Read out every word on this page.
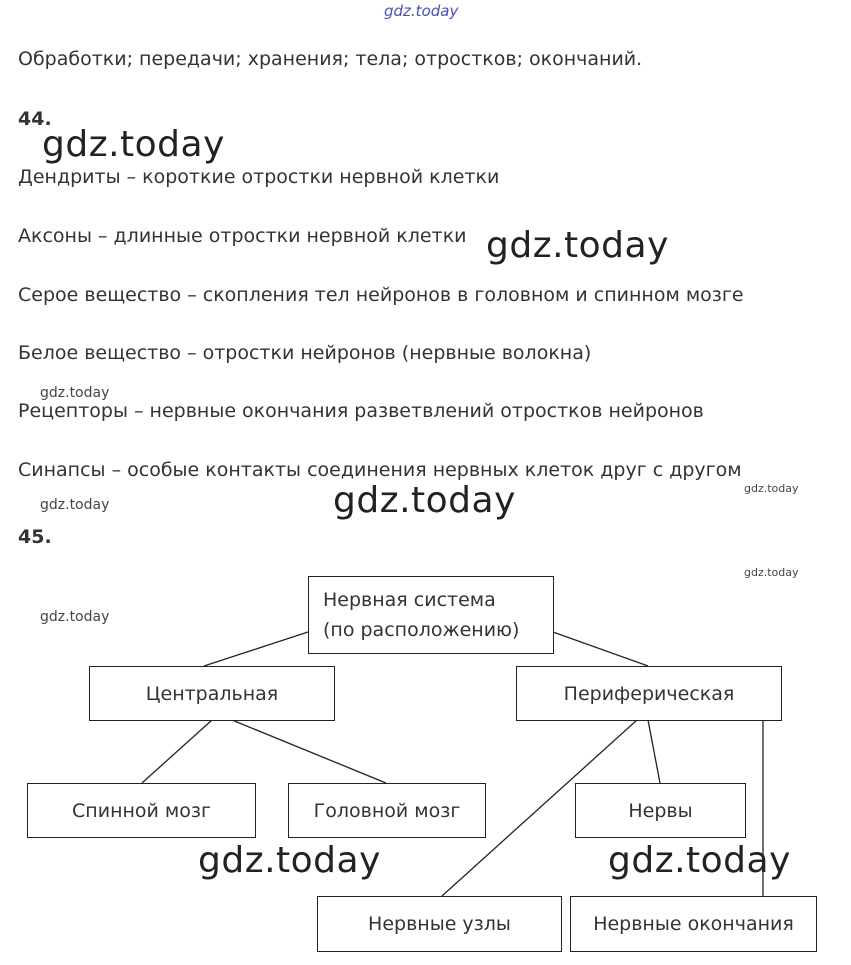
gdz.today
Обработки; передачи; хранения; тела; отростков; окончаний.
44.
gdz.today
Дендриты – короткие отростки нервной клетки
Аксоны – длинные отростки нервной клетки gdz.today
Серое вещество – скопления тел нейронов в головном и спинном мозге
Белое вещество – отростки нейронов (нервные волокна)
gdz.today
Рецепторы – нервные окончания разветвлений отростков нейронов
Синапсы – особые контакты соединения нервных клеток друг с другом
gdz.today
gdz.today
gdz.today
45.
gdz.today
gdz.today
Нервная система
(по расположению)
Центральная	Периферическая
Спинной мозг	Головной мозг	Нервы
gdz.today	gdz.today
Нервные узлы	Нервные окончания
